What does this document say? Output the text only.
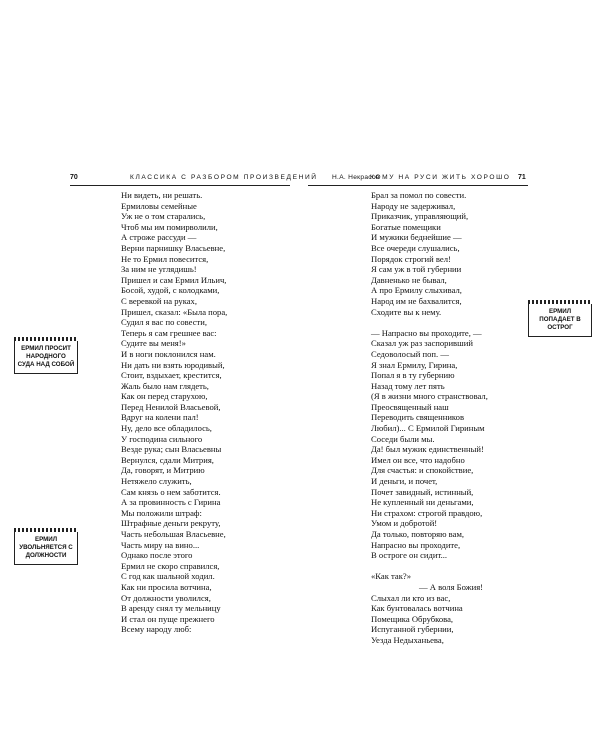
70	КЛАССИКА С РАЗБОРОМ ПРОИЗВЕДЕНИЙ
Ни видеть, ни решать.
Ермиловы семейные
Уж не о том старались,
Чтоб мы им помирволили,
А строже рассуди —
Верни парнишку Власьевне,
Не то Ермил повесится,
За ним не углядишь!
Пришел и сам Ермил Ильич,
Босой, худой, с колодками,
С веревкой на руках,
Пришел, сказал: «Была пора,
Судил я вас по совести,
Теперь я сам грешнее вас:
Судите вы меня!»
И в ноги поклонился нам.
Ни дать ни взять юродивый,
Стоит, вздыхает, крестится,
Жаль было нам глядеть,
Как он перед старухою,
Перед Ненилой Власьевой,
Вдруг на колени пал!
Ну, дело все обладилось,
У господина сильного
Везде рука; сын Власьевны
Вернулся, сдали Митрия,
Да, говорят, и Митрию
Нетяжело служить,
Сам князь о нем заботится.
А за провинность с Гирина
Мы положили штраф:
Штрафные деньги рекруту,
Часть небольшая Власьевне,
Часть миру на вино...
Однако после этого
Ермил не скоро справился,
С год как шальной ходил.
Как ни просила вотчина,
От должности уволился,
В аренду снял ту мельницу
И стал он пуще прежнего
Всему народу люб:
ЕРМИЛ ПРОСИТ НАРОДНОГО СУДА НАД СОБОЙ
ЕРМИЛ УВОЛЬНЯЕТСЯ С ДОЛЖНОСТИ
Н.А. Некрасов
КОМУ НА РУСИ ЖИТЬ ХОРОШО 71
Брал за помол по совести.
Народу не задерживал,
Приказчик, управляющий,
Богатые помещики
И мужики беднейшие —
Все очереди слушались,
Порядок строгий вел!
Я сам уж в той губернии
Давненько не бывал,
А про Ермилу слыхивал,
Народ им не бахвалится,
Сходите вы к нему.
— Напрасно вы проходите, —
Сказал уж раз заспоривший
Седоволосый поп. —
Я знал Ермилу, Гирина,
Попал я в ту губернию
Назад тому лет пять
(Я в жизни много странствовал,
Преосвященный наш
Переводить священников
Любил)... С Ермилой Гириным
Соседи были мы.
Да! был мужик единственный!
Имел он все, что надобно
Для счастья: и спокойствие,
И деньги, и почет,
Почет завидный, истинный,
Не купленный ни деньгами,
Ни страхом: строгой правдою,
Умом и добротой!
Да только, повторяю вам,
Напрасно вы проходите,
В остроге он сидит...
«Как так?»
— А воля Божия!
Слыхал ли кто из вас,
Как бунтовалась вотчина
Помещика Обрубкова,
Испуганной губернии,
Уезда Недыханьева,
ЕРМИЛ ПОПАДАЕТ В ОСТРОГ
